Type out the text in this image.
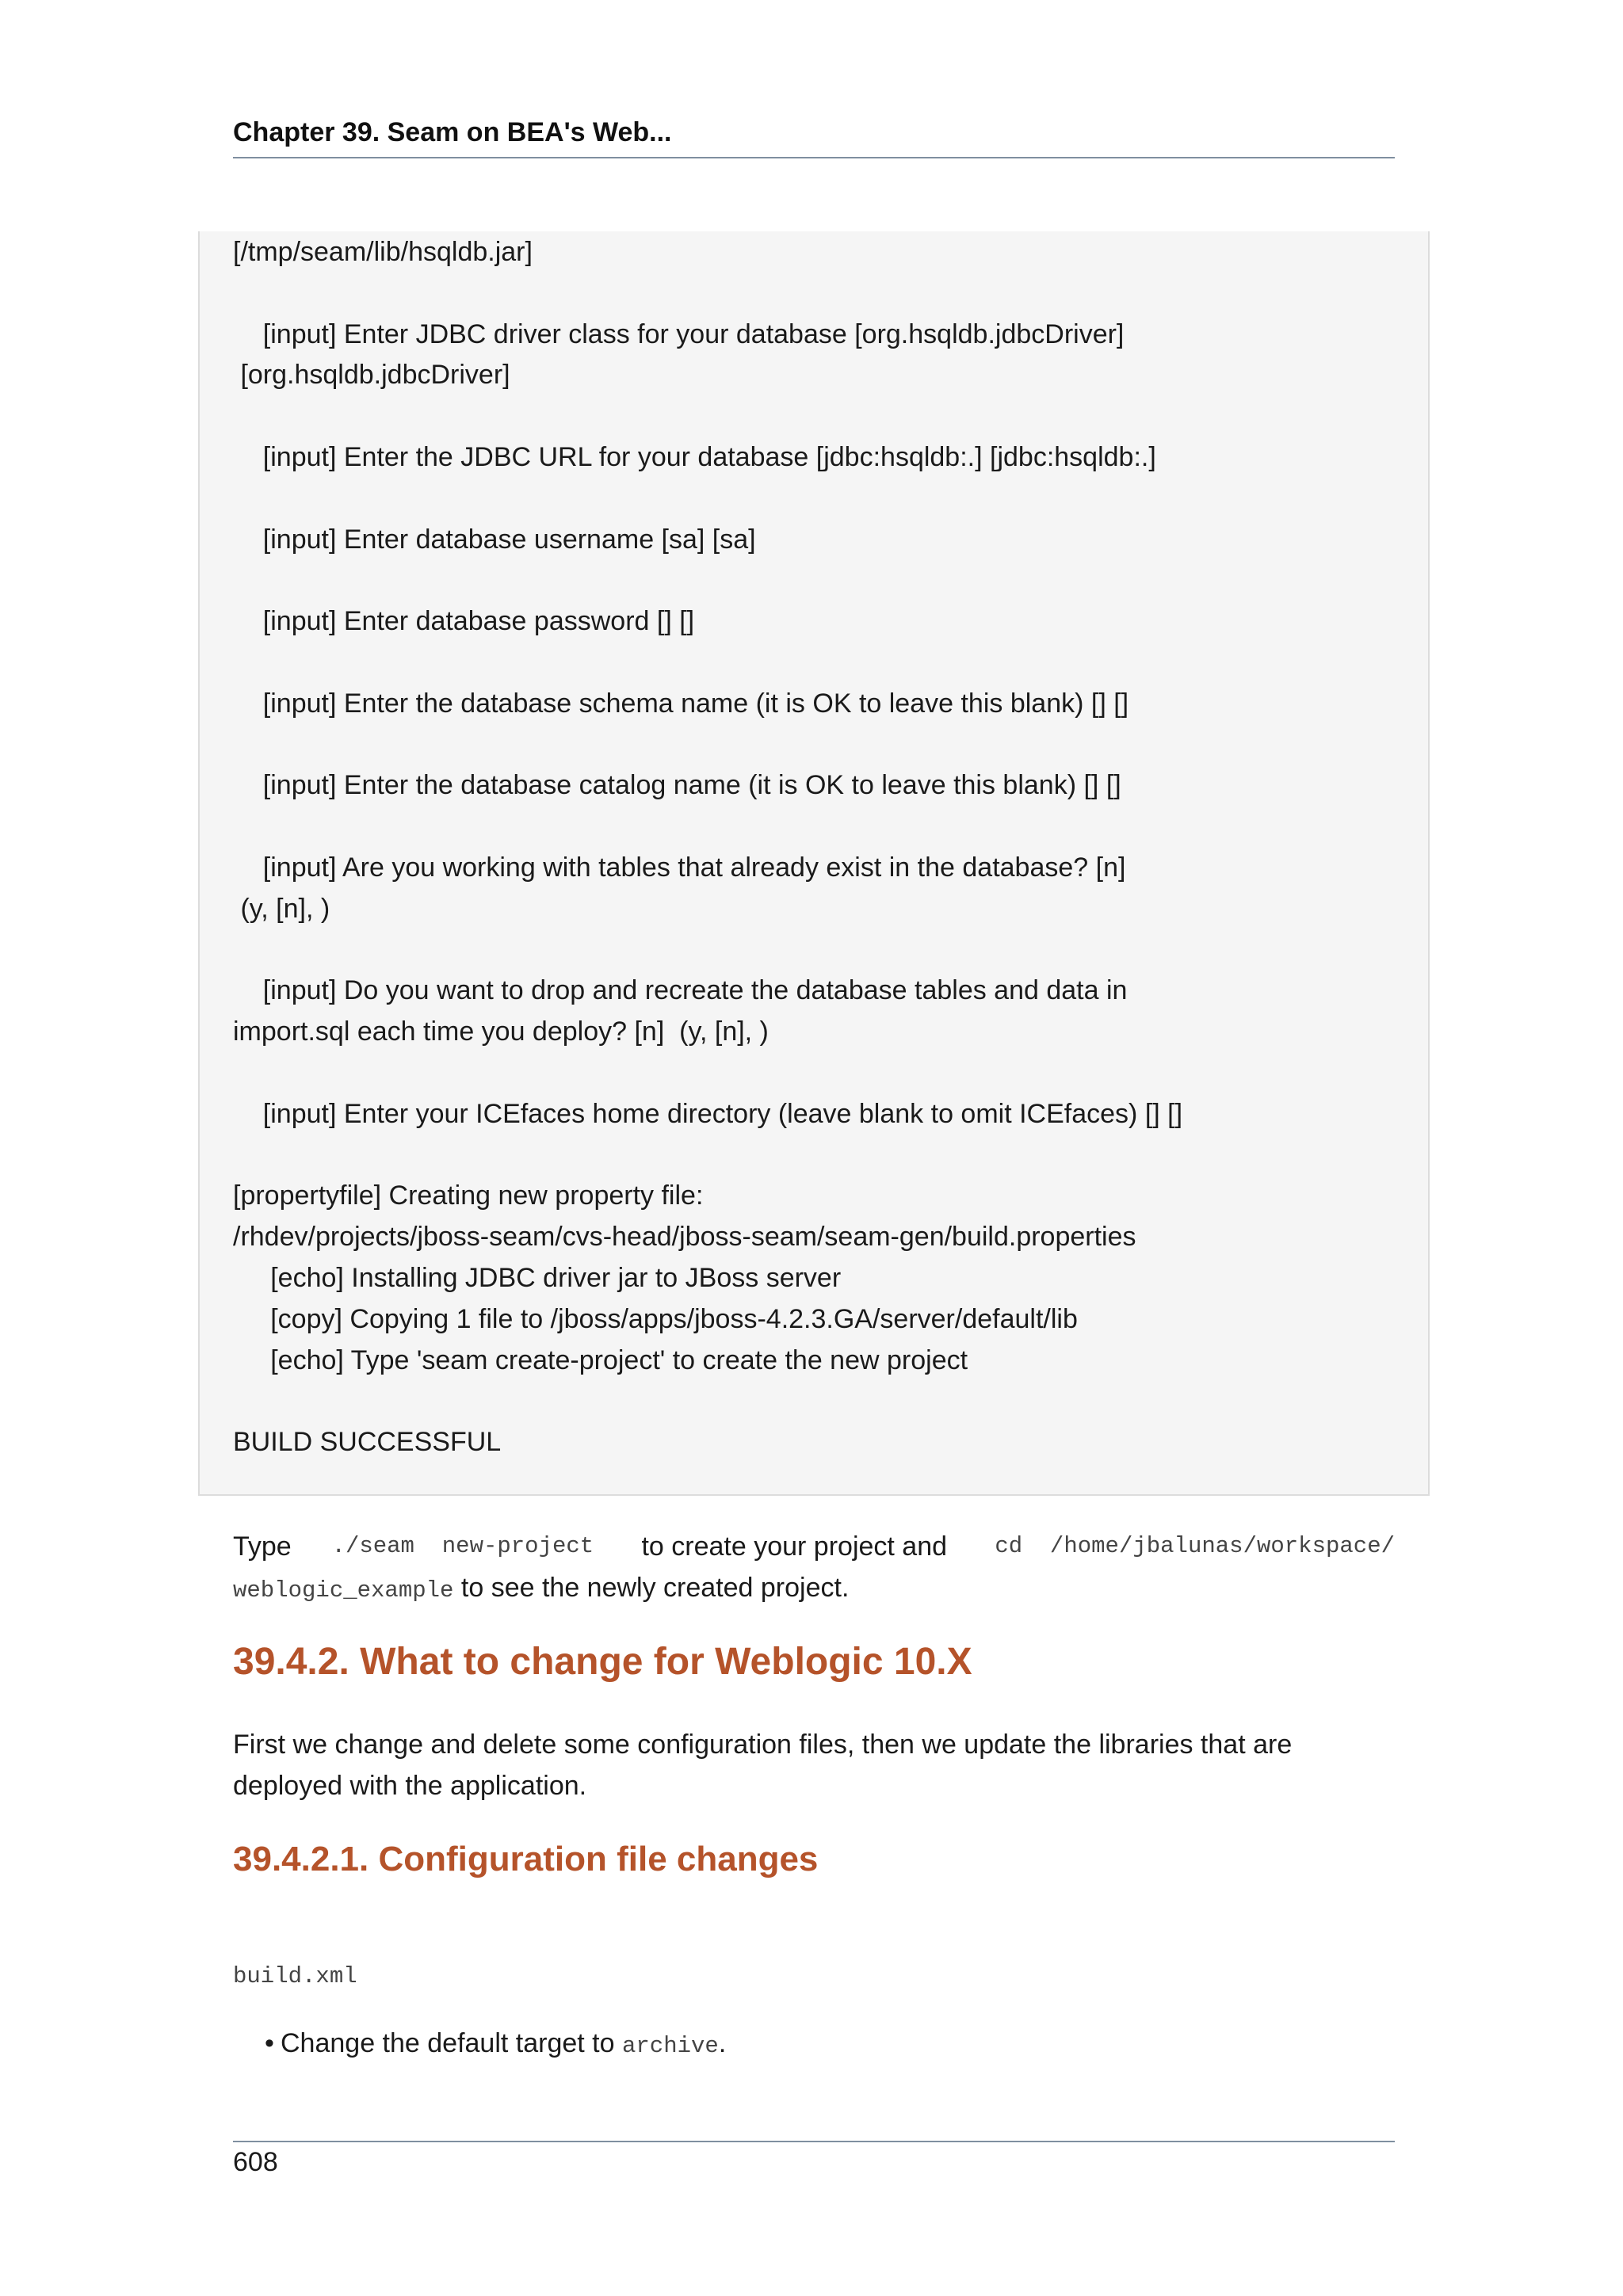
Chapter 39. Seam on BEA's Web...
[/tmp/seam/lib/hsqldb.jar]
[input] Enter JDBC driver class for your database [org.hsqldb.jdbcDriver]
[org.hsqldb.jdbcDriver]
[input] Enter the JDBC URL for your database [jdbc:hsqldb:.] [jdbc:hsqldb:.]
[input] Enter database username [sa] [sa]
[input] Enter database password [] []
[input] Enter the database schema name (it is OK to leave this blank) [] []
[input] Enter the database catalog name (it is OK to leave this blank) [] []
[input] Are you working with tables that already exist in the database? [n]
(y, [n], )
[input] Do you want to drop and recreate the database tables and data in
import.sql each time you deploy? [n]  (y, [n], )
[input] Enter your ICEfaces home directory (leave blank to omit ICEfaces) [] []
[propertyfile] Creating new property file:
/rhdev/projects/jboss-seam/cvs-head/jboss-seam/seam-gen/build.properties
[echo] Installing JDBC driver jar to JBoss server
[copy] Copying 1 file to /jboss/apps/jboss-4.2.3.GA/server/default/lib
[echo] Type 'seam create-project' to create the new project
BUILD SUCCESSFUL
Type ./seam  new-project to create your project and cd  /home/jbalunas/workspace/
weblogic_example to see the newly created project.
39.4.2. What to change for Weblogic 10.X
First we change and delete some configuration files, then we update the libraries that are deployed with the application.
39.4.2.1. Configuration file changes
build.xml
• Change the default target to archive.
608
